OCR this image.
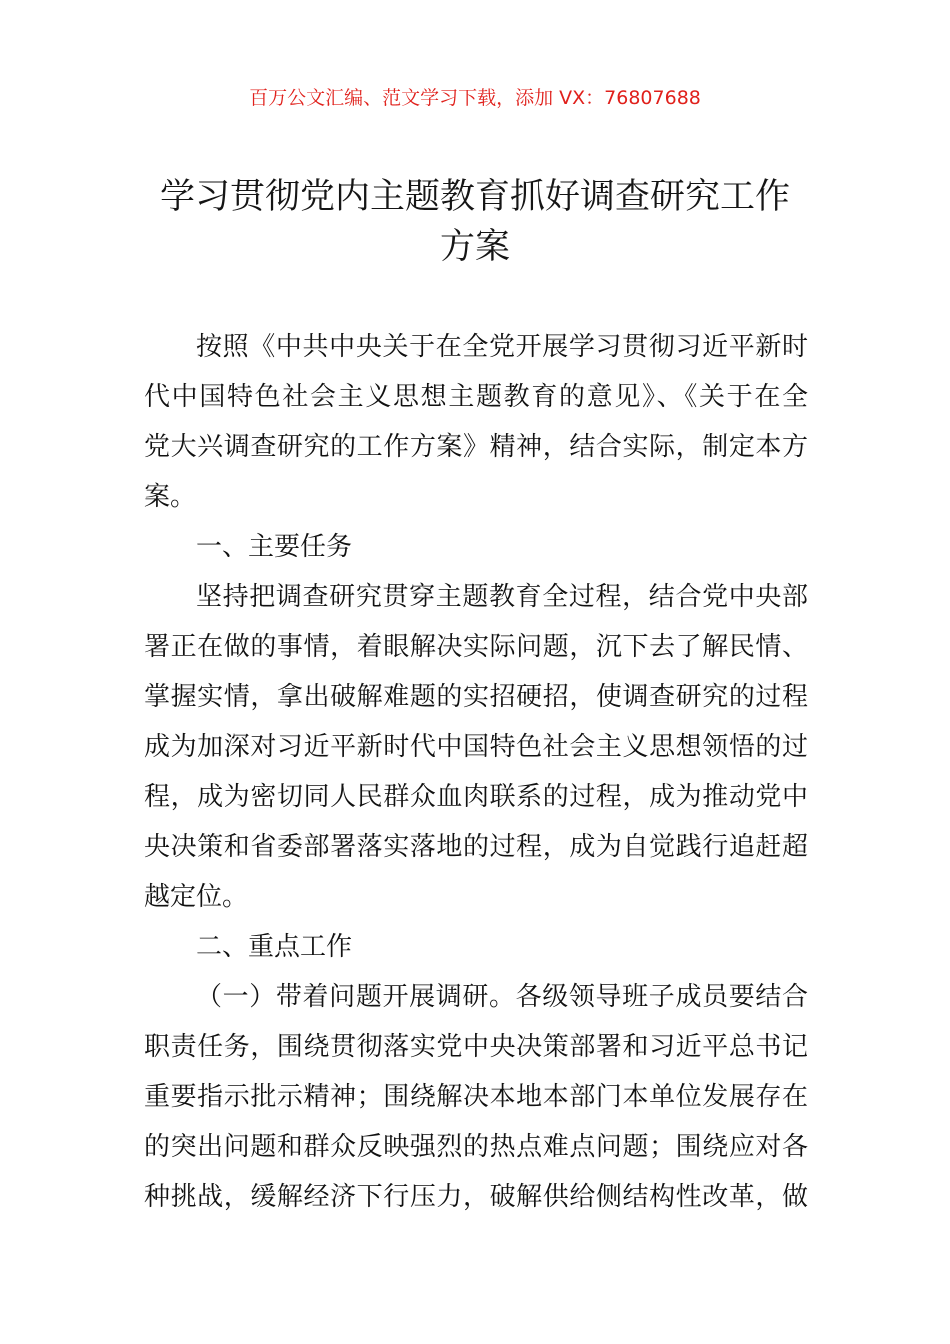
百万公文汇编、范文学习下载，添加 VX：76807688
学习贯彻党内主题教育抓好调查研究工作
方案
按照《中共中央关于在全党开展学习贯彻习近平新时
代中国特色社会主义思想主题教育的意见》、《关于在全
党大兴调查研究的工作方案》精神，结合实际，制定本方
案。
一、主要任务
坚持把调查研究贯穿主题教育全过程，结合党中央部
署正在做的事情，着眼解决实际问题，沉下去了解民情、
掌握实情，拿出破解难题的实招硬招，使调查研究的过程
成为加深对习近平新时代中国特色社会主义思想领悟的过
程，成为密切同人民群众血肉联系的过程，成为推动党中
央决策和省委部署落实落地的过程，成为自觉践行追赶超
越定位。
二、重点工作
（一）带着问题开展调研。各级领导班子成员要结合
职责任务，围绕贯彻落实党中央决策部署和习近平总书记
重要指示批示精神；围绕解决本地本部门本单位发展存在
的突出问题和群众反映强烈的热点难点问题；围绕应对各
种挑战，缓解经济下行压力，破解供给侧结构性改革，做
